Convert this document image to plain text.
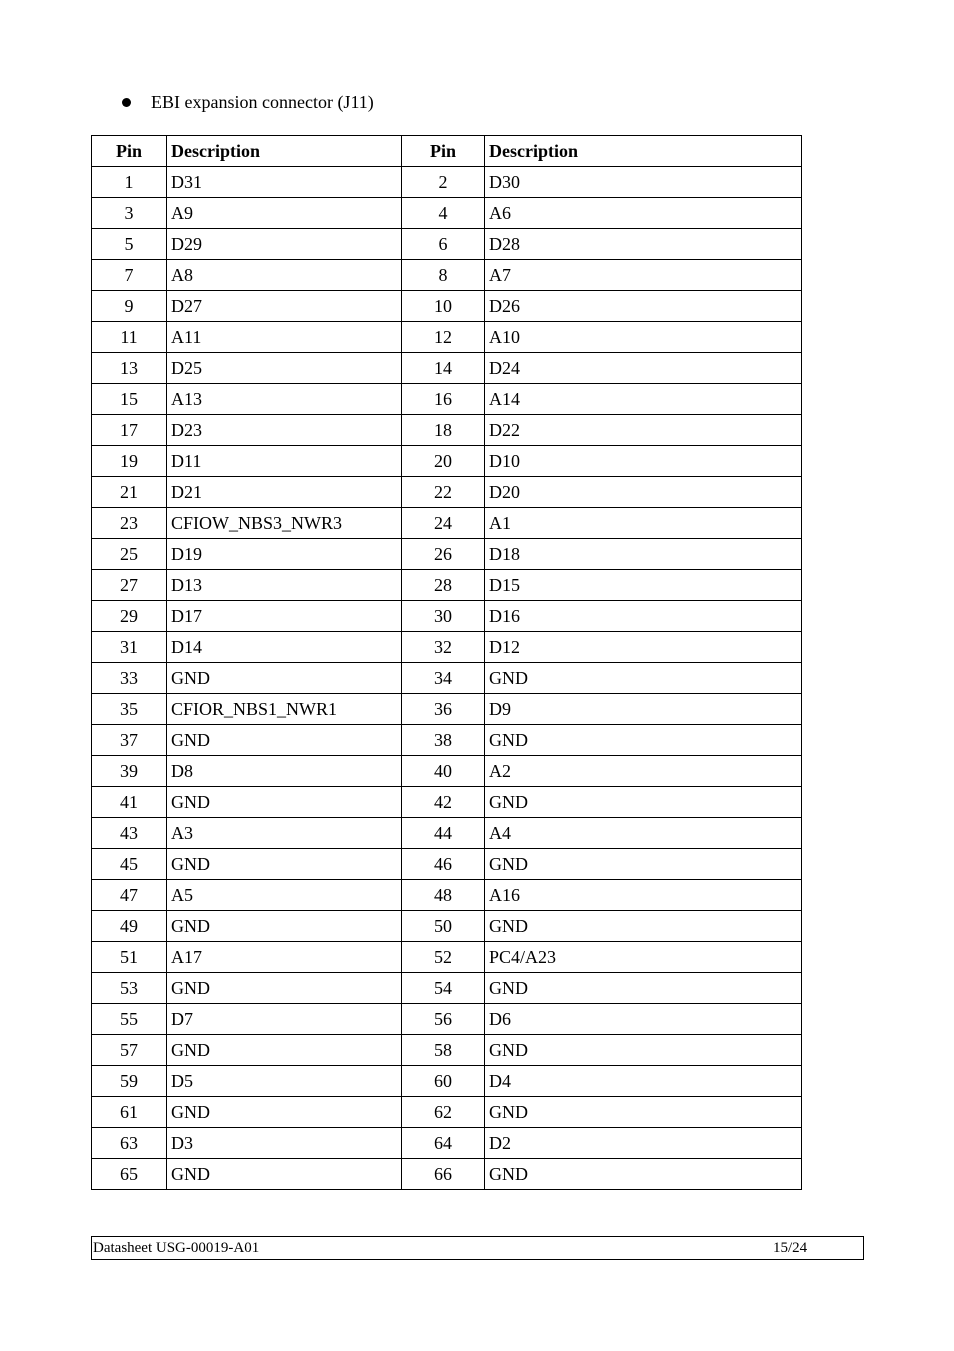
EBI expansion connector (J11)
Pin	Description	Pin	Description
1	D31	2	D30
3	A9	4	A6
5	D29	6	D28
7	A8	8	A7
9	D27	10	D26
11	A11	12	A10
13	D25	14	D24
15	A13	16	A14
17	D23	18	D22
19	D11	20	D10
21	D21	22	D20
23	CFIOW_NBS3_NWR3	24	A1
25	D19	26	D18
27	D13	28	D15
29	D17	30	D16
31	D14	32	D12
33	GND	34	GND
35	CFIOR_NBS1_NWR1	36	D9
37	GND	38	GND
39	D8	40	A2
41	GND	42	GND
43	A3	44	A4
45	GND	46	GND
47	A5	48	A16
49	GND	50	GND
51	A17	52	PC4/A23
53	GND	54	GND
55	D7	56	D6
57	GND	58	GND
59	D5	60	D4
61	GND	62	GND
63	D3	64	D2
65	GND	66	GND
Datasheet USG-00019-A01	15/24
